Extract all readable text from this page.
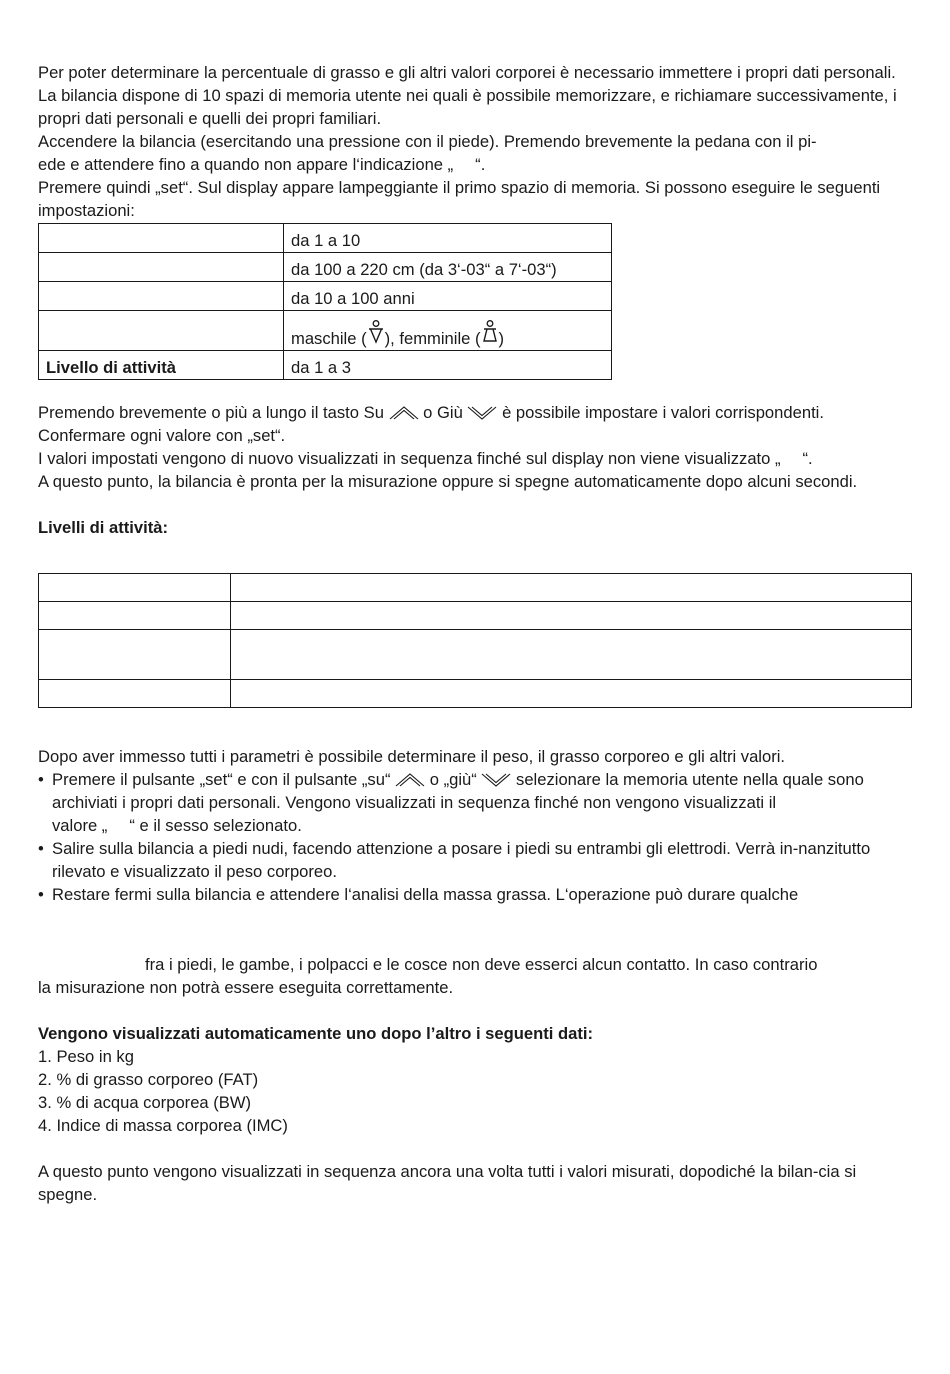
Per poter determinare la percentuale di grasso e gli altri valori corporei è necessario immettere i propri dati personali.

La bilancia dispone di 10 spazi di memoria utente nei quali è possibile memorizzare, e richiamare successivamente, i propri dati personali e quelli dei propri familiari.

Accendere la bilancia (esercitando una pressione con il piede). Premendo brevemente la pedana con il pi-

ede e attendere fino a quando non appare l‘indicazione „ “.

Premere quindi „set“. Sul display appare lampeggiante il primo spazio di memoria. Si possono eseguire le seguenti impostazioni:

	da 1 a 10
	da 100 a 220 cm (da 3‘-03“ a 7‘-03“)
	da 10 a 100 anni
	maschile ( ), femminile ( )
Livello di attività	da 1 a 3

Premendo brevemente o più a lungo il tasto Su o Giù è possibile impostare i valori corrispondenti.

Confermare ogni valore con „set“.

I valori impostati vengono di nuovo visualizzati in sequenza finché sul display non viene visualizzato „ “.

A questo punto, la bilancia è pronta per la misurazione oppure si spegne automaticamente dopo alcuni secondi.

Livelli di attività:

Dopo aver immesso tutti i parametri è possibile determinare il peso, il grasso corporeo e gli altri valori.

• Premere il pulsante „set“ e con il pulsante „su“ o „giù“ selezionare la memoria utente nella quale sono archiviati i propri dati personali. Vengono visualizzati in sequenza finché non vengono visualizzati il
valore „ “ e il sesso selezionato.
• Salire sulla bilancia a piedi nudi, facendo attenzione a posare i piedi su entrambi gli elettrodi. Verrà in-nanzitutto rilevato e visualizzato il peso corporeo.
• Restare fermi sulla bilancia e attendere l‘analisi della massa grassa. L‘operazione può durare qualche

fra i piedi, le gambe, i polpacci e le cosce non deve esserci alcun contatto. In caso contrario

la misurazione non potrà essere eseguita correttamente.

Vengono visualizzati automaticamente uno dopo l’altro i seguenti dati:

1. Peso in kg

2. % di grasso corporeo (FAT)

3. % di acqua corporea (BW)

4. Indice di massa corporea (IMC)

A questo punto vengono visualizzati in sequenza ancora una volta tutti i valori misurati, dopodiché la bilan-cia si spegne.
